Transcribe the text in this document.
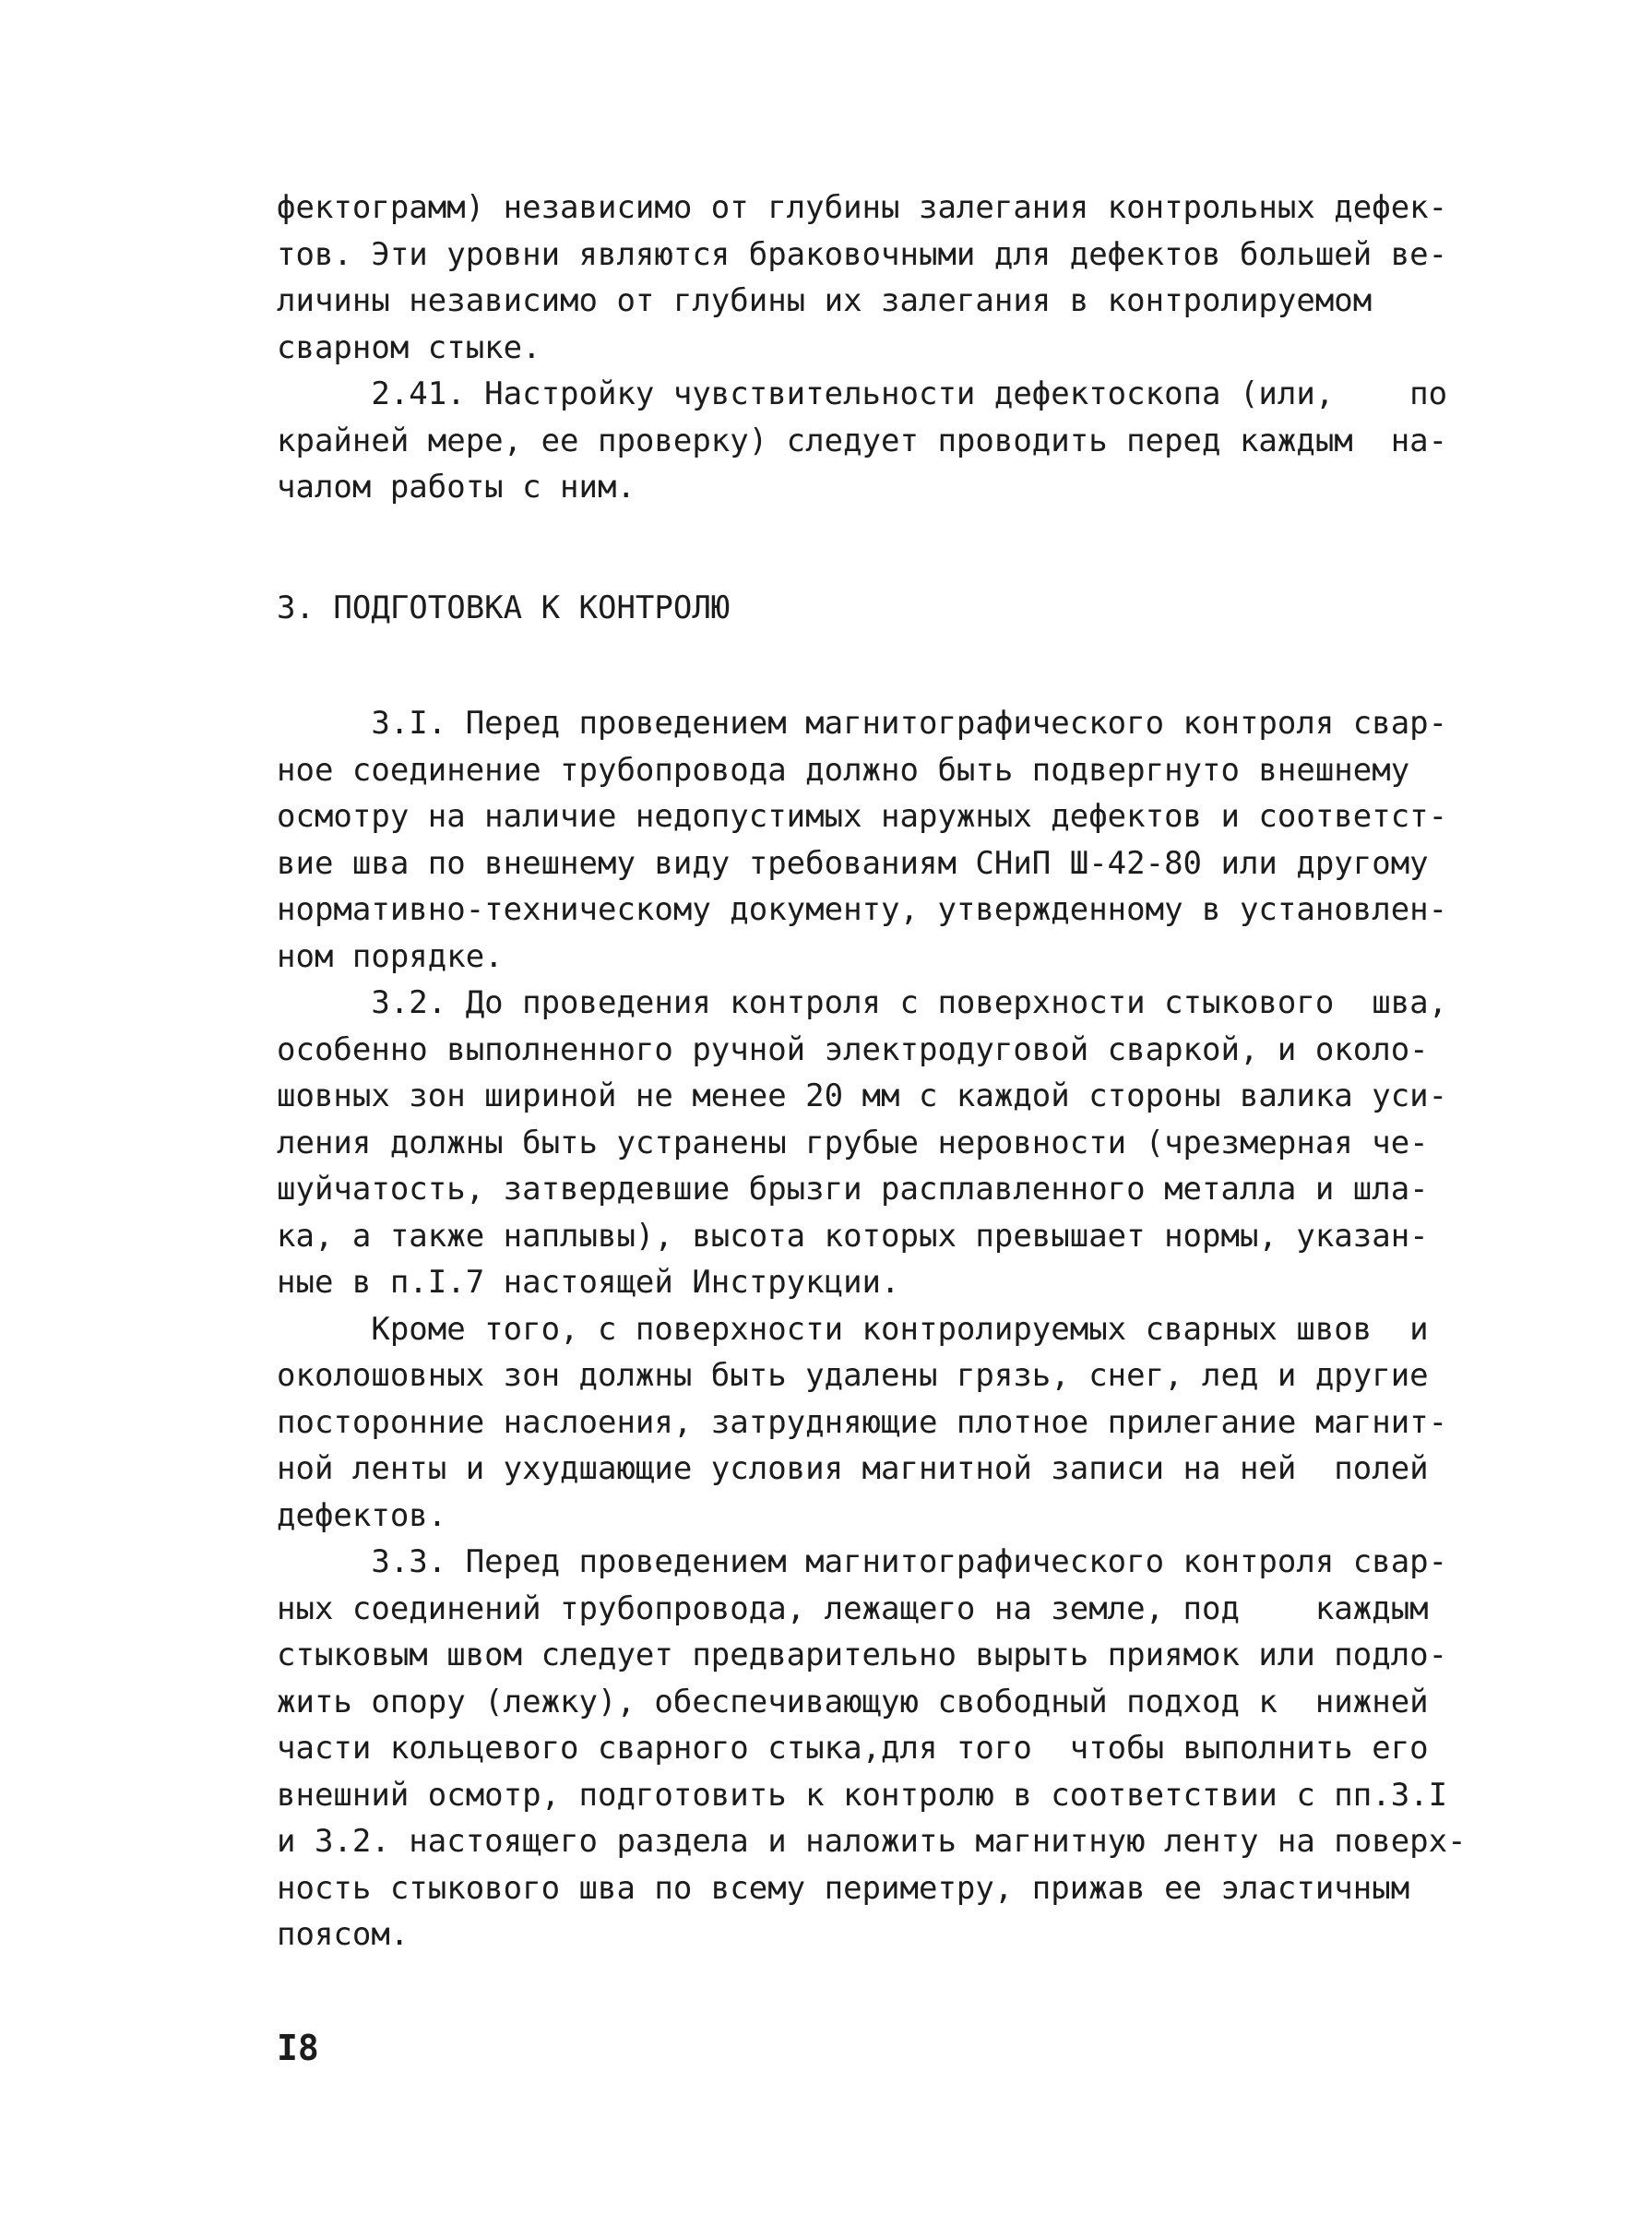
фектограмм) независимо от глубины залегания контрольных дефек-
тов. Эти уровни являются браковочными для дефектов большей ве-
личины независимо от глубины их залегания в контролируемом
сварном стыке.
2.41. Настройку чувствительности дефектоскопа (или,    по
крайней мере, ее проверку) следует проводить перед каждым  на-
чалом работы с ним.
3. ПОДГОТОВКА К КОНТРОЛЮ
3.I. Перед проведением магнитографического контроля свар-
ное соединение трубопровода должно быть подвергнуто внешнему
осмотру на наличие недопустимых наружных дефектов и соответст-
вие шва по внешнему виду требованиям СНиП Ш-42-80 или другому
нормативно-техническому документу, утвержденному в установлен-
ном порядке.
3.2. До проведения контроля с поверхности стыкового  шва,
особенно выполненного ручной электродуговой сваркой, и околo-
шовных зон шириной не менее 20 мм с каждой стороны валика уси-
ления должны быть устранены грубые неровности (чрезмерная че-
шуйчатость, затвердевшие брызги расплавленного металла и шла-
ка, а также наплывы), высота которых превышает нормы, указан-
ные в п.I.7 настоящей Инструкции.
Кроме того, с поверхности контролируемых сварных швов  и
околошовных зон должны быть удалены грязь, снег, лед и другие
посторонние наслоения, затрудняющие плотное прилегание магнит-
ной ленты и ухудшающие условия магнитной записи на ней  полей
дефектов.
3.3. Перед проведением магнитографического контроля свар-
ных соединений трубопровода, лежащего на земле, под    каждым
стыковым швом следует предварительно вырыть приямок или подло-
жить опору (лежку), обеспечивающую свободный подход к  нижней
части кольцевого сварного стыка,для того  чтобы выполнить его
внешний осмотр, подготовить к контролю в соответствии с пп.3.I
и 3.2. настоящего раздела и наложить магнитную ленту на поверх-
ность стыкового шва по всему периметру, прижав ее эластичным
поясом.
I8
